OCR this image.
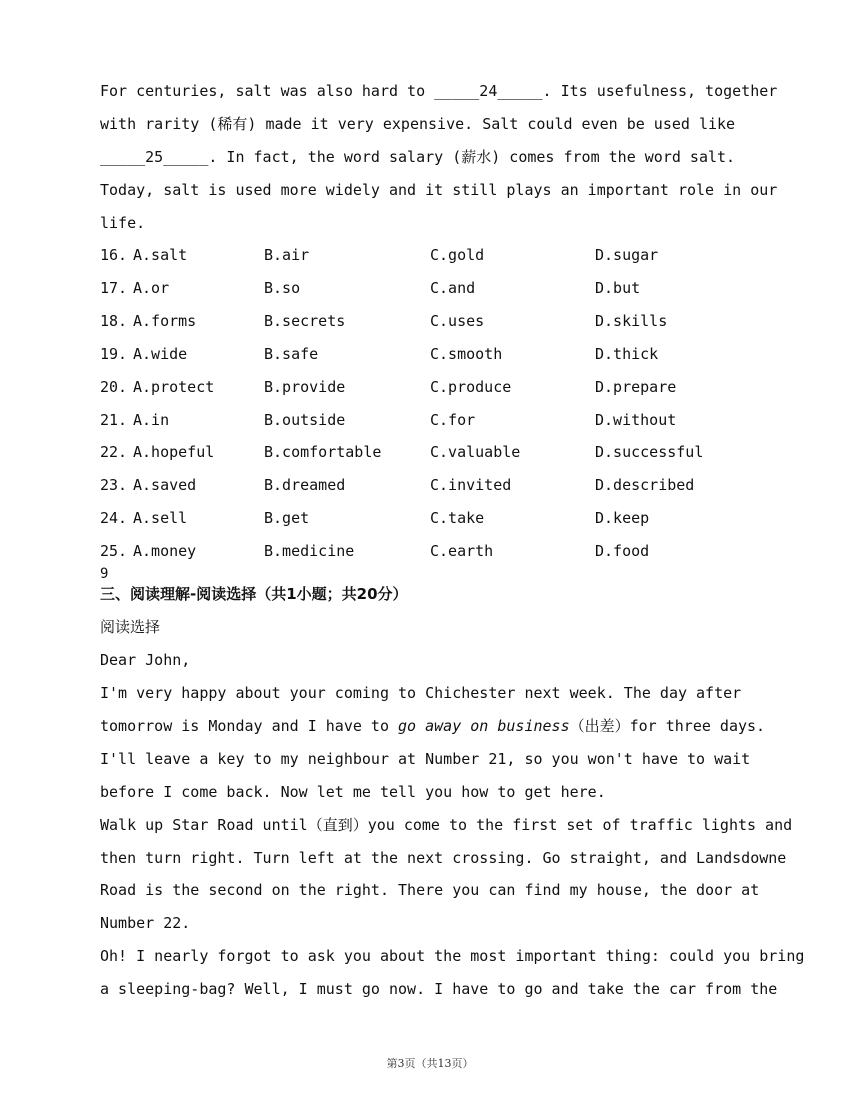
For centuries, salt was also hard to _____24_____. Its usefulness, together
with rarity (稀有) made it very expensive. Salt could even be used like
_____25_____. In fact, the word salary (薪水) comes from the word salt.
Today, salt is used more widely and it still plays an important role in our
life.
16. A.salt	B.air	C.gold	D.sugar
17. A.or	B.so	C.and	D.but
18. A.forms	B.secrets	C.uses	D.skills
19. A.wide	B.safe	C.smooth	D.thick
20. A.protect	B.provide	C.produce	D.prepare
21. A.in	B.outside	C.for	D.without
22. A.hopeful	B.comfortable	C.valuable	D.successful
23. A.saved	B.dreamed	C.invited	D.described
24. A.sell	B.get	C.take	D.keep
25. A.money	B.medicine	C.earth	D.food
9
三、阅读理解-阅读选择（共1小题；共20分）
阅读选择
Dear John,
I'm very happy about your coming to Chichester next week. The day after
tomorrow is Monday and I have to go away on business（出差）for three days.
I'll leave a key to my neighbour at Number 21, so you won't have to wait
before I come back. Now let me tell you how to get here.
Walk up Star Road until（直到）you come to the first set of traffic lights and
then turn right. Turn left at the next crossing. Go straight, and Landsdowne
Road is the second on the right. There you can find my house, the door at
Number 22.
Oh! I nearly forgot to ask you about the most important thing: could you bring
a sleeping-bag? Well, I must go now. I have to go and take the car from the
第3页（共13页）
